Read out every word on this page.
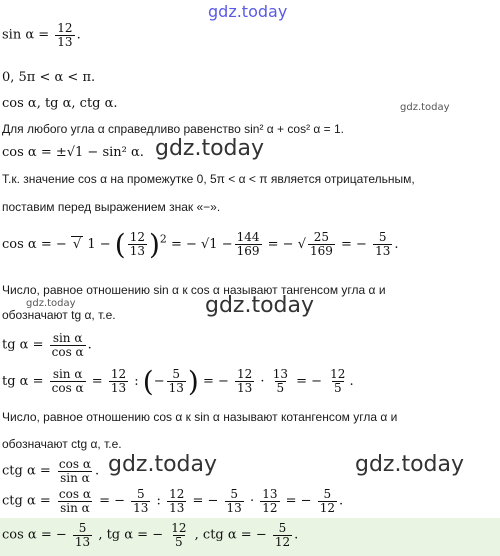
gdz.today
gdz.today
gdz.today
gdz.today	gdz.today
gdz.today	gdz.today
$\sin \alpha = \frac{12}{13}$ .
0, 5π < α < π.
cos α, tg α, ctg α.
Для любого угла α справедливо равенство sin² α + cos² α = 1.
cos α = ±√1 − sin² α.
Т.к. значение cos α на промежутке 0, 5π < α < π является отрицательным,
поставим перед выражением знак «−».
cos α = − √ 1 − ( $\frac{12}{13} )^2$ = − $√1 - \frac{144}{169}$ = − √ $\frac{25}{169}$ = − $\frac{5}{13}$ .
Число, равное отношению sin α к cos α называют тангенсом угла α и
обозначают tg α, т.е.
tg $\alpha = \frac{\text{sin α}}{\text{cos α}}$ .
tg $\alpha = \frac{\text{sin α}}{\text{cos α}} = \frac{12}{13}$ : (− $\frac{5}{13}$ ) = − $\frac{12}{13} \cdot \frac{13}{5}$ = − $\frac{12}{5}$ .
Число, равное отношению cos α к sin α называют котангенсом угла α и
обозначают ctg α, т.е.
ctg $\alpha = \frac{\text{cos α}}{\text{sin α}}$ .
ctg $\alpha = \frac{\text{cos α}}{\text{sin α}}$ = − $\frac{5}{13}$ : $\frac{12}{13}$ = − $\frac{5}{13} \cdot \frac{13}{12}$ = − $\frac{5}{12}$ .
cos α = − $\frac{5}{13}$ , tg α = − $\frac{12}{5}$ , ctg α = − $\frac{5}{12}$ .
